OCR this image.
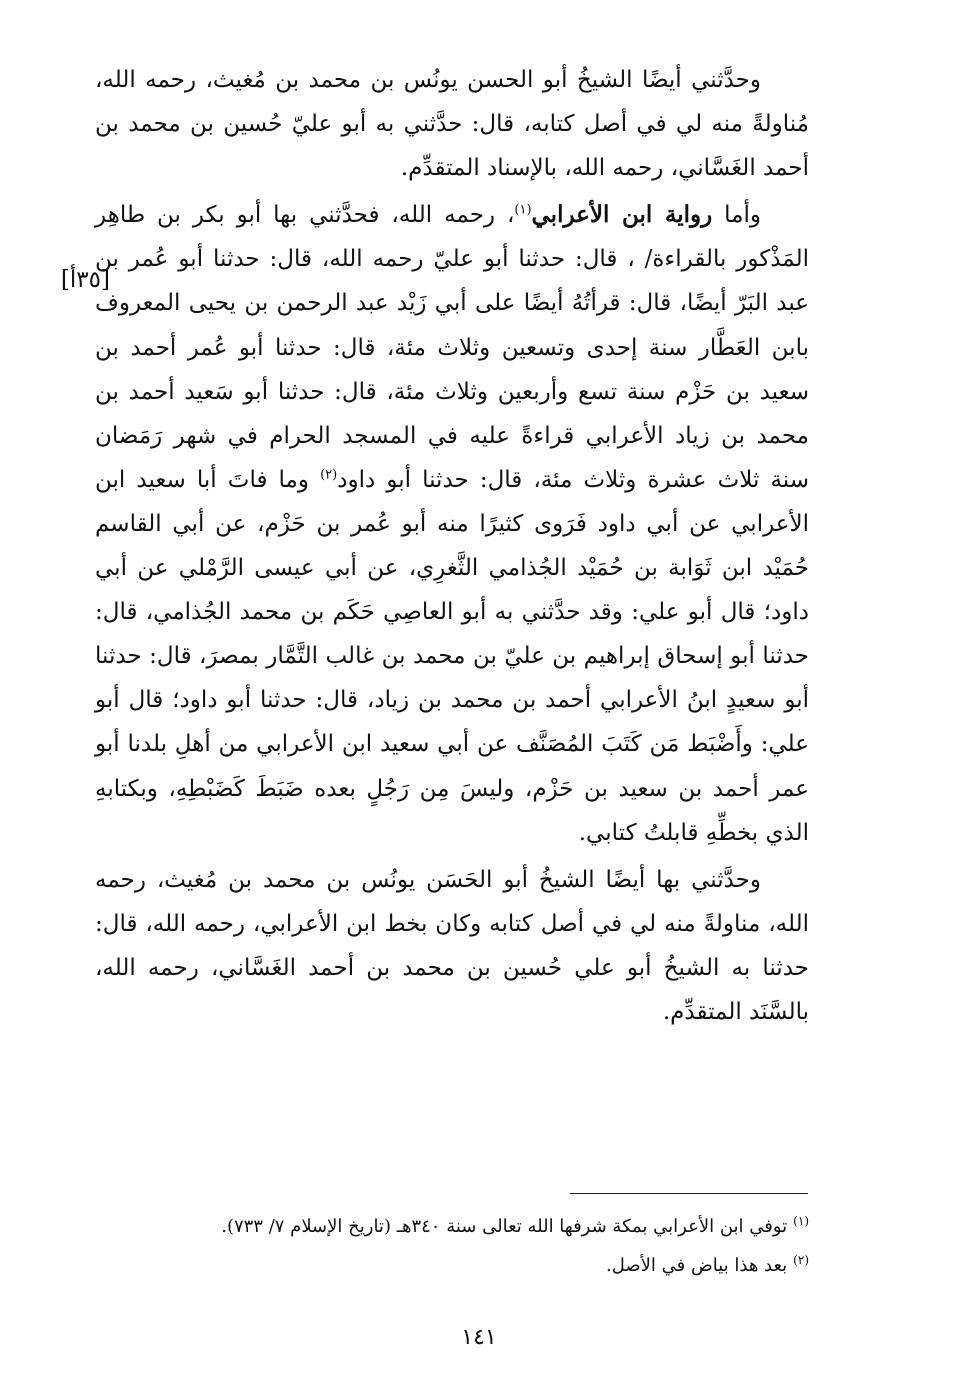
وحدَّثني أيضًا الشيخُ أبو الحسن يونُس بن محمد بن مُغيث، رحمه الله، مُناولةً منه لي في أصل كتابه، قال: حدَّثني به أبو عليّ حُسين بن محمد بن أحمد الغَسَّاني، رحمه الله، بالإسناد المتقدِّم.

وأما رواية ابن الأعرابي$^{(١)}$، رحمه الله، فحدَّثني بها أبو بكر بن طاهِر المَذْكور بالقراءة/ ، قال: حدثنا أبو عليّ رحمه الله، قال: حدثنا أبو عُمر بن عبد البَرّ أيضًا، قال: قرأتُهُ أيضًا على أبي زَيْد عبد الرحمن بن يحيى المعروف بابن العَطَّار سنة إحدى وتسعين وثلاث مئة، قال: حدثنا أبو عُمر أحمد بن سعيد بن حَزْم سنة تسع وأربعين وثلاث مئة، قال: حدثنا أبو سَعيد أحمد بن محمد بن زياد الأعرابي قراءةً عليه في المسجد الحرام في شهر رَمَضان سنة ثلاث عشرة وثلاث مئة، قال: حدثنا أبو داود$^{(٢)}$ وما فاتَ أبا سعيد ابن الأعرابي عن أبي داود فَرَوى كثيرًا منه أبو عُمر بن حَزْم، عن أبي القاسم حُمَيْد ابن ثَوَابة بن حُمَيْد الجُذامي الثَّغرِي، عن أبي عيسى الرَّمْلي عن أبي داود؛ قال أبو علي: وقد حدَّثني به أبو العاصِي حَكَم بن محمد الجُذامي، قال: حدثنا أبو إسحاق إبراهيم بن عليّ بن محمد بن غالب التَّمَّار بمصرَ، قال: حدثنا أبو سعيدٍ ابنُ الأعرابي أحمد بن محمد بن زياد، قال: حدثنا أبو داود؛ قال أبو علي: وأَضْبَط مَن كَتَبَ المُصَنَّف عن أبي سعيد ابن الأعرابي من أهلِ بلدنا أبو عمر أحمد بن سعيد بن حَزْم، وليسَ مِن رَجُلٍ بعده ضَبَطَ كَضَبْطِهِ، وبكتابهِ الذي بخطِّهِ قابلتُ كتابي.

وحدَّثني بها أيضًا الشيخُ أبو الحَسَن يونُس بن محمد بن مُغيث، رحمه الله، مناولةً منه لي في أصل كتابه وكان بخط ابن الأعرابي، رحمه الله، قال: حدثنا به الشيخُ أبو علي حُسين بن محمد بن أحمد الغَسَّاني، رحمه الله، بالسَّنَد المتقدِّم.

[٣٥أ]

$^{(١)}$توفي ابن الأعرابي بمكة شرفها الله تعالى سنة ٣٤٠هـ (تاريخ الإسلام ٧/ ٧٣٣).

$^{(٢)}$بعد هذا بياض في الأصل.

١٤١
